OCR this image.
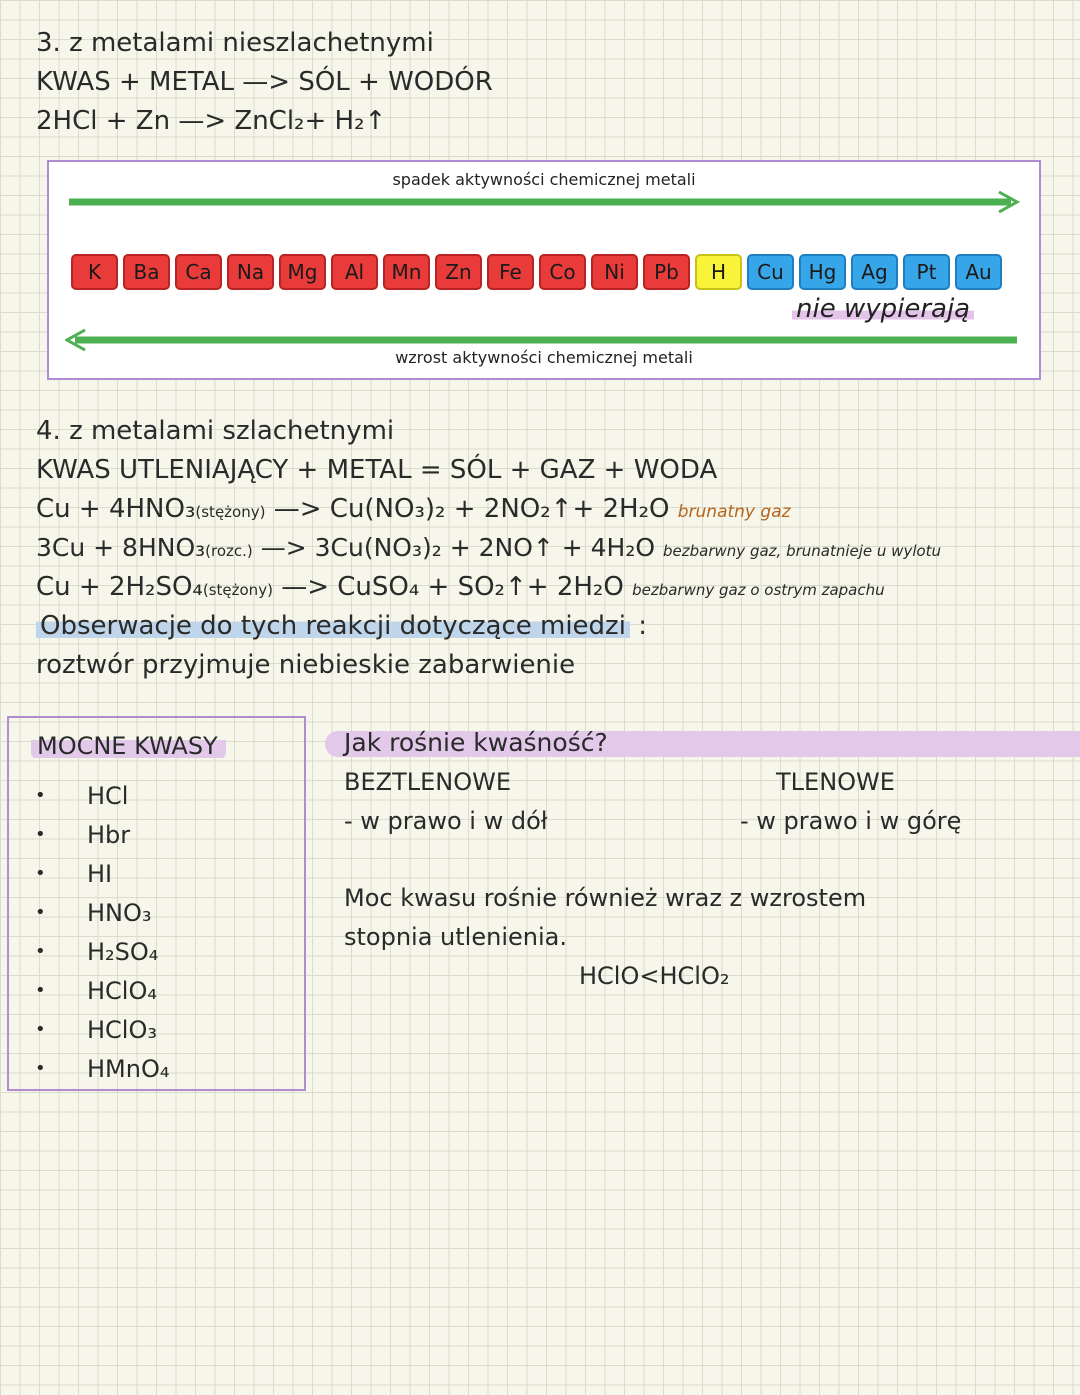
3. z metalami nieszlachetnymi
KWAS + METAL —> SÓL + WODÓR
2HCl + Zn —> ZnCl₂+ H₂↑
spadek aktywności chemicznej metali
K	Ba	Ca	Na	Mg	Al	Mn	Zn	Fe	Co	Ni	Pb	H	Cu	Hg	Ag	Pt	Au
nie wypierają
wzrost aktywności chemicznej metali
4. z metalami szlachetnymi
KWAS UTLENIAJĄCY + METAL = SÓL + GAZ + WODA
Cu + 4HNO₃(stężony) —> Cu(NO₃)₂ + 2NO₂↑+ 2H₂O brunatny gaz
3Cu + 8HNO₃(rozc.) —> 3Cu(NO₃)₂ + 2NO↑ + 4H₂O bezbarwny gaz, brunatnieje u wylotu
Cu + 2H₂SO₄(stężony) —> CuSO₄ + SO₂↑+ 2H₂O bezbarwny gaz o ostrym zapachu
Obserwacje do tych reakcji dotyczące miedzi :
roztwór przyjmuje niebieskie zabarwienie
MOCNE KWASY
•	HCl
•	Hbr
•	HI
•	HNO₃
•	H₂SO₄
•	HClO₄
•	HClO₃
•	HMnO₄
Jak rośnie kwaśność?
BEZTLENOWE	TLENOWE
- w prawo i w dół	- w prawo i w górę
Moc kwasu rośnie również wraz z wzrostem
stopnia utlenienia.
HClO<HClO₂
